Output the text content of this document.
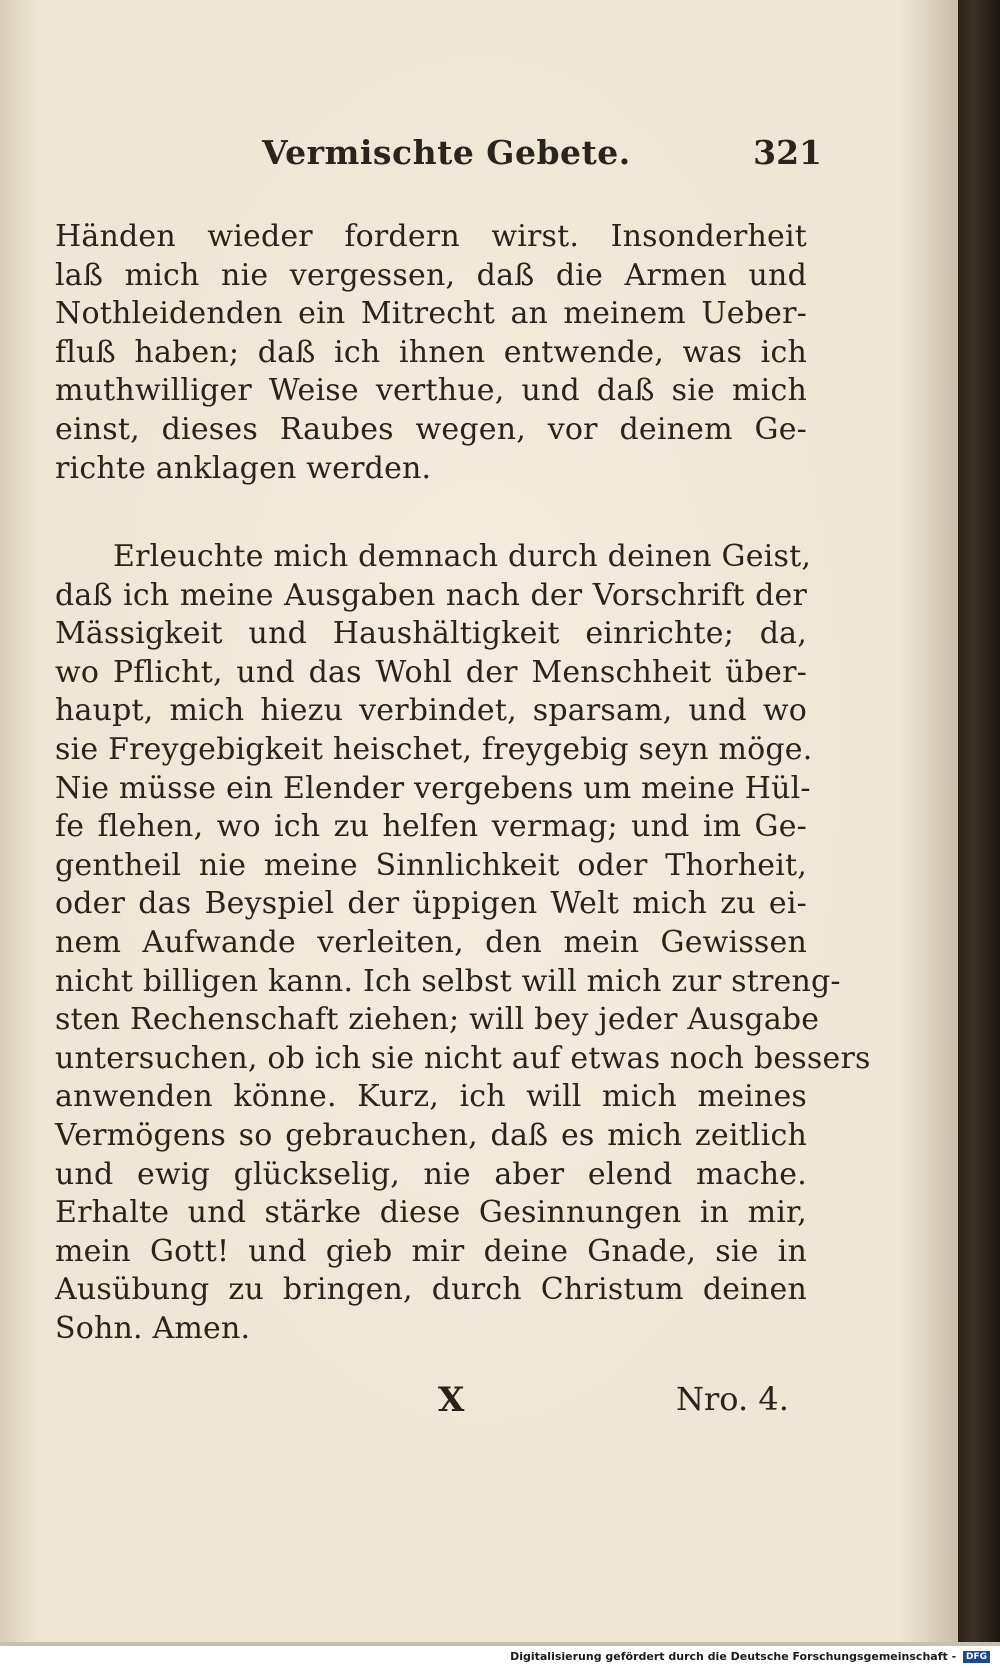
Vermischte Gebete.	321

Händen wieder fordern wirst. Insonderheit
laß mich nie vergessen, daß die Armen und
Nothleidenden ein Mitrecht an meinem Ueber-
fluß haben; daß ich ihnen entwende, was ich
muthwilliger Weise verthue, und daß sie mich
einst, dieses Raubes wegen, vor deinem Ge-
richte anklagen werden.

Erleuchte mich demnach durch deinen Geist,
daß ich meine Ausgaben nach der Vorschrift der
Mässigkeit und Haushältigkeit einrichte; da,
wo Pflicht, und das Wohl der Menschheit über-
haupt, mich hiezu verbindet, sparsam, und wo
sie Freygebigkeit heischet, freygebig seyn möge.
Nie müsse ein Elender vergebens um meine Hül-
fe flehen, wo ich zu helfen vermag; und im Ge-
gentheil nie meine Sinnlichkeit oder Thorheit,
oder das Beyspiel der üppigen Welt mich zu ei-
nem Aufwande verleiten, den mein Gewissen
nicht billigen kann. Ich selbst will mich zur streng-
sten Rechenschaft ziehen; will bey jeder Ausgabe
untersuchen, ob ich sie nicht auf etwas noch bessers
anwenden könne. Kurz, ich will mich meines
Vermögens so gebrauchen, daß es mich zeitlich
und ewig glückselig, nie aber elend mache.
Erhalte und stärke diese Gesinnungen in mir,
mein Gott! und gieb mir deine Gnade, sie in
Ausübung zu bringen, durch Christum deinen
Sohn. Amen.

X	Nro. 4.
Digitalisierung gefördert durch die Deutsche Forschungsgemeinschaft - DFG
